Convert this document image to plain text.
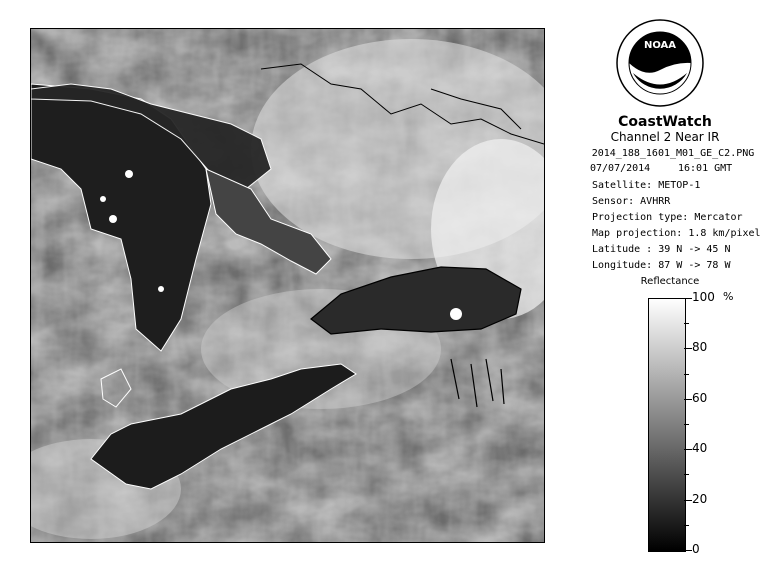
NOAA
CoastWatch
Channel 2 Near IR
2014_188_1601_M01_GE_C2.PNG
07/07/2014	16:01 GMT
Satellite: METOP-1
Sensor: AVHRR
Projection type: Mercator
Map projection: 1.8 km/pixel
Latitude : 39 N -> 45 N
Longitude: 87 W -> 78 W
Reflectance
%
100
80
60
40
20
0
